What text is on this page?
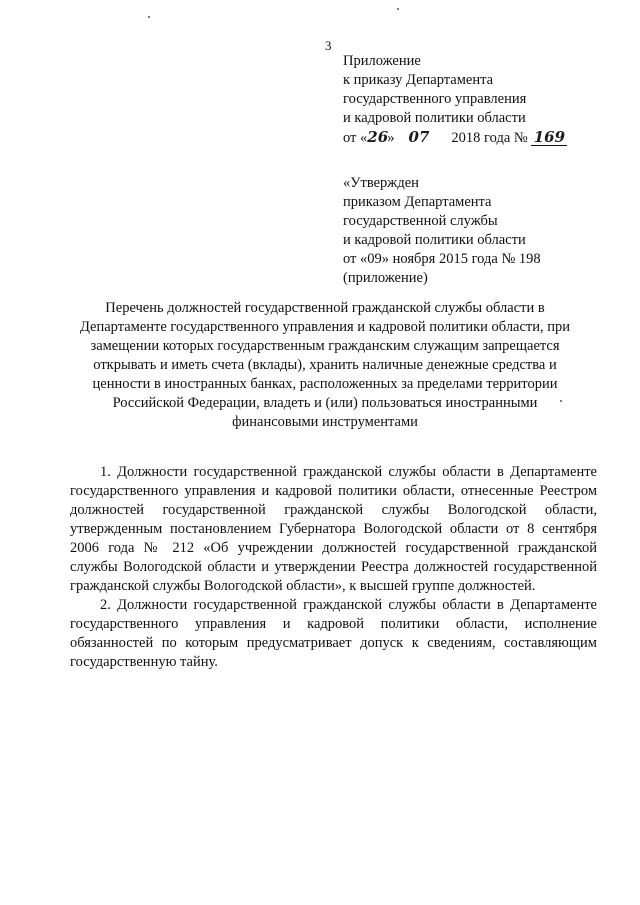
3
Приложение
к приказу Департамента
государственного управления
и кадровой политики области
от «26» 07 2018 года № 169
«Утвержден
приказом Департамента
государственной службы
и кадровой политики области
от «09» ноября 2015 года № 198
(приложение)
Перечень должностей государственной гражданской службы области в
Департаменте государственного управления и кадровой политики области, при
замещении которых государственным гражданским служащим запрещается
открывать и иметь счета (вклады), хранить наличные денежные средства и
ценности в иностранных банках, расположенных за пределами территории
Российской Федерации, владеть и (или) пользоваться иностранными
финансовыми инструментами

1. Должности государственной гражданской службы области в Департаменте государственного управления и кадровой политики области, отнесенные Реестром должностей государственной гражданской службы Вологодской области, утвержденным постановлением Губернатора Вологодской области от 8 сентября 2006 года № 212 «Об учреждении должностей государственной гражданской службы Вологодской области и утверждении Реестра должностей государственной гражданской службы Вологодской области», к высшей группе должностей.

2. Должности государственной гражданской службы области в Департаменте государственного управления и кадровой политики области, исполнение обязанностей по которым предусматривает допуск к сведениям, составляющим государственную тайну.
